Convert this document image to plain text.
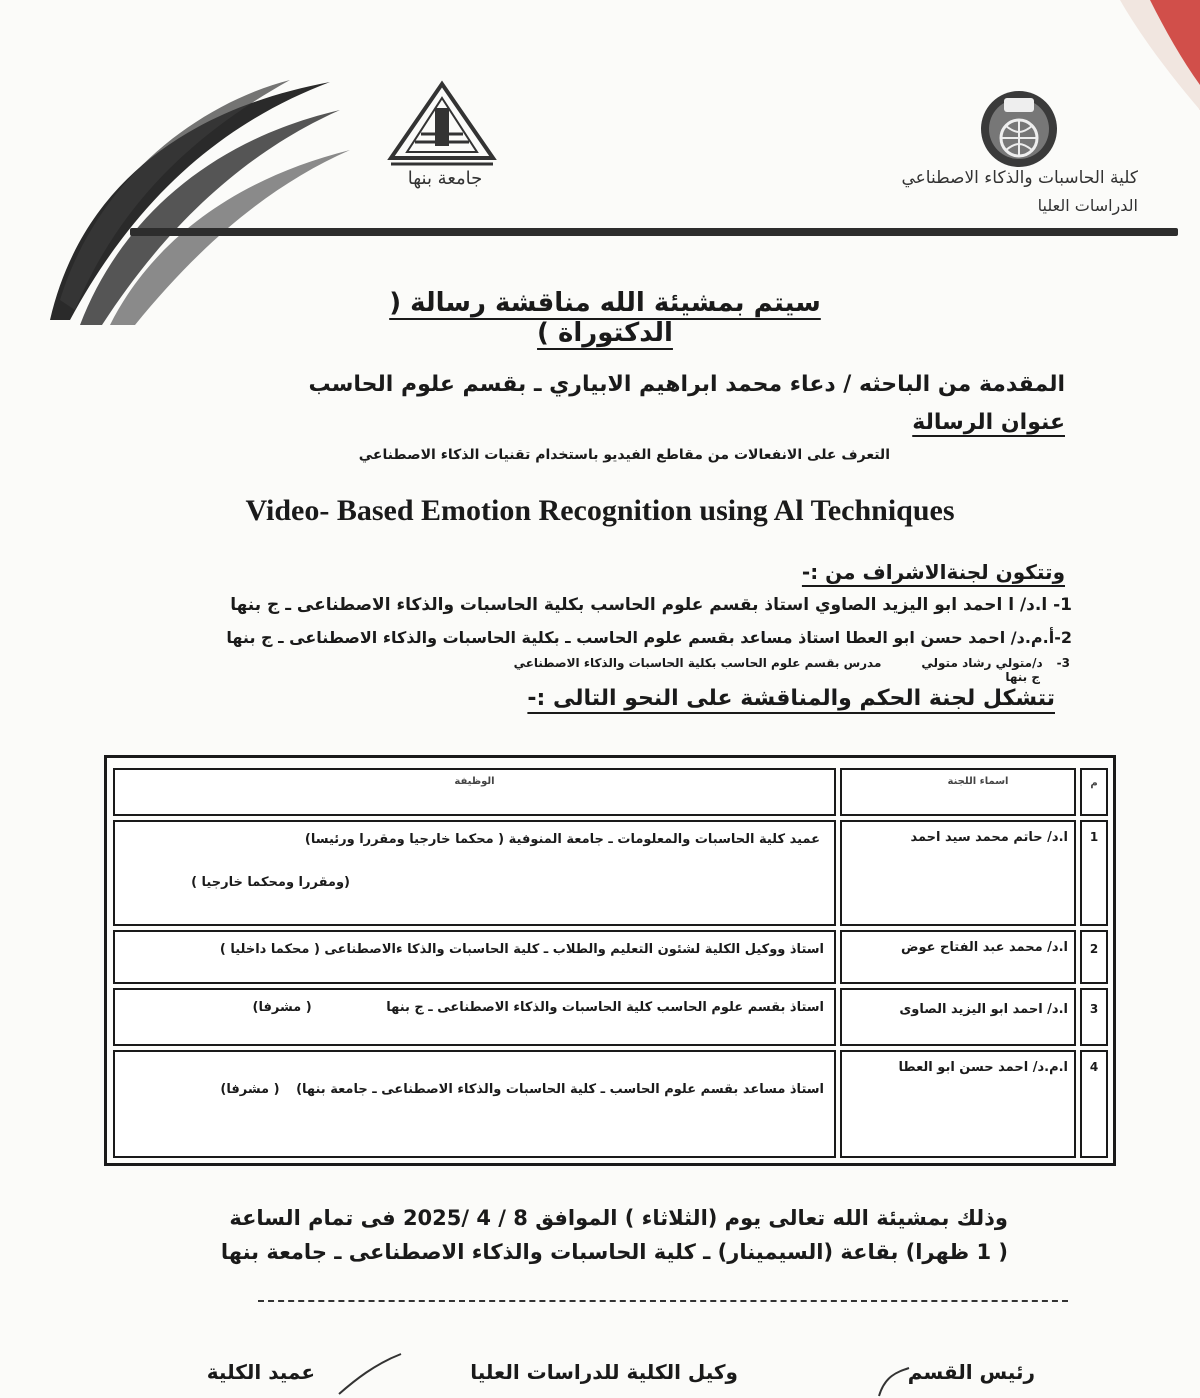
جامعة بنها	كلية الحاسبات والذكاء الاصطناعي
الدراسات العليا
سيتم بمشيئة الله مناقشة رسالة ( الدكتوراة )
المقدمة من الباحثه / دعاء محمد ابراهيم الابياري ـ بقسم علوم الحاسب
عنوان الرسالة
التعرف على الانفعالات من مقاطع الفيديو باستخدام تقنيات الذكاء الاصطناعي
Video- Based Emotion Recognition using Al Techniques
وتتكون لجنةالاشراف من :-
1- ا.د/ ا احمد ابو اليزيد الصاوي استاذ بقسم علوم الحاسب بكلية الحاسبات والذكاء الاصطناعى ـ ج بنها
2-أ.م.د/ احمد حسن ابو العطا استاذ مساعد بقسم علوم الحاسب ـ بكلية الحاسبات والذكاء الاصطناعى ـ ج بنها
3-د/متولي رشاد متوليمدرس بقسم علوم الحاسب بكلية الحاسبات والذكاء الاصطناعي
ج بنها
تتشكل لجنة الحكم والمناقشة على النحو التالى :-
م
اسماء اللجنة
الوظيفة
1
ا.د/ حاتم محمد سيد احمد
عميد كلية الحاسبات والمعلومات ـ جامعة المنوفية ( محكما خارجيا ومقررا ورئيسا)
(ومقررا ومحكما خارجيا )
2
ا.د/ محمد عبد الفتاح عوض
استاذ ووكيل الكلية لشئون التعليم والطلاب ـ كلية الحاسبات والذكا ءالاصطناعى ( محكما داخليا )
3
ا.د/ احمد ابو اليزيد الصاوى
استاذ بقسم علوم الحاسب كلية الحاسبات والذكاء الاصطناعى ـ ج بنها ( مشرفا)
4
ا.م.د/ احمد حسن ابو العطا
استاذ مساعد بقسم علوم الحاسب ـ كلية الحاسبات والذكاء الاصطناعى ـ جامعة بنها) ( مشرفا)
وذلك بمشيئة الله تعالى يوم (الثلاثاء ) الموافق 8 / 4 /2025 فى تمام الساعة
( 1 ظهرا) بقاعة (السيمينار) ـ كلية الحاسبات والذكاء الاصطناعى ـ جامعة بنها
رئيس القسم
وكيل الكلية للدراسات العليا
عميد الكلية
